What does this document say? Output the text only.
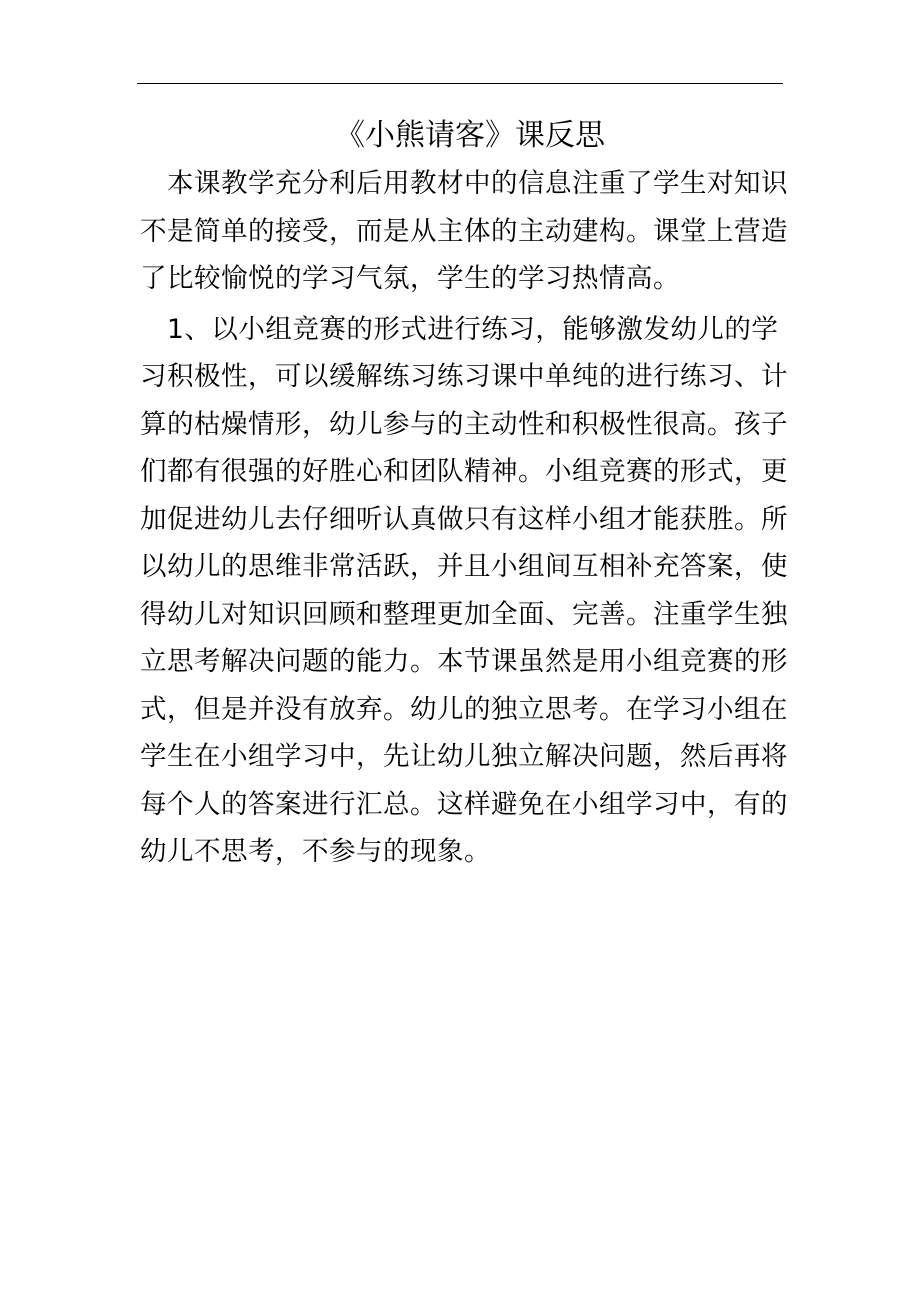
《小熊请客》课反思

本课教学充分利后用教材中的信息注重了学生对知识不是简单的接受，而是从主体的主动建构。课堂上营造了比较愉悦的学习气氛，学生的学习热情高。

1、以小组竞赛的形式进行练习，能够激发幼儿的学习积极性，可以缓解练习练习课中单纯的进行练习、计算的枯燥情形，幼儿参与的主动性和积极性很高。孩子们都有很强的好胜心和团队精神。小组竞赛的形式，更加促进幼儿去仔细听认真做只有这样小组才能获胜。所以幼儿的思维非常活跃，并且小组间互相补充答案，使得幼儿对知识回顾和整理更加全面、完善。注重学生独立思考解决问题的能力。本节课虽然是用小组竞赛的形式，但是并没有放弃。幼儿的独立思考。在学习小组在学生在小组学习中，先让幼儿独立解决问题，然后再将每个人的答案进行汇总。这样避免在小组学习中，有的幼儿不思考，不参与的现象。
